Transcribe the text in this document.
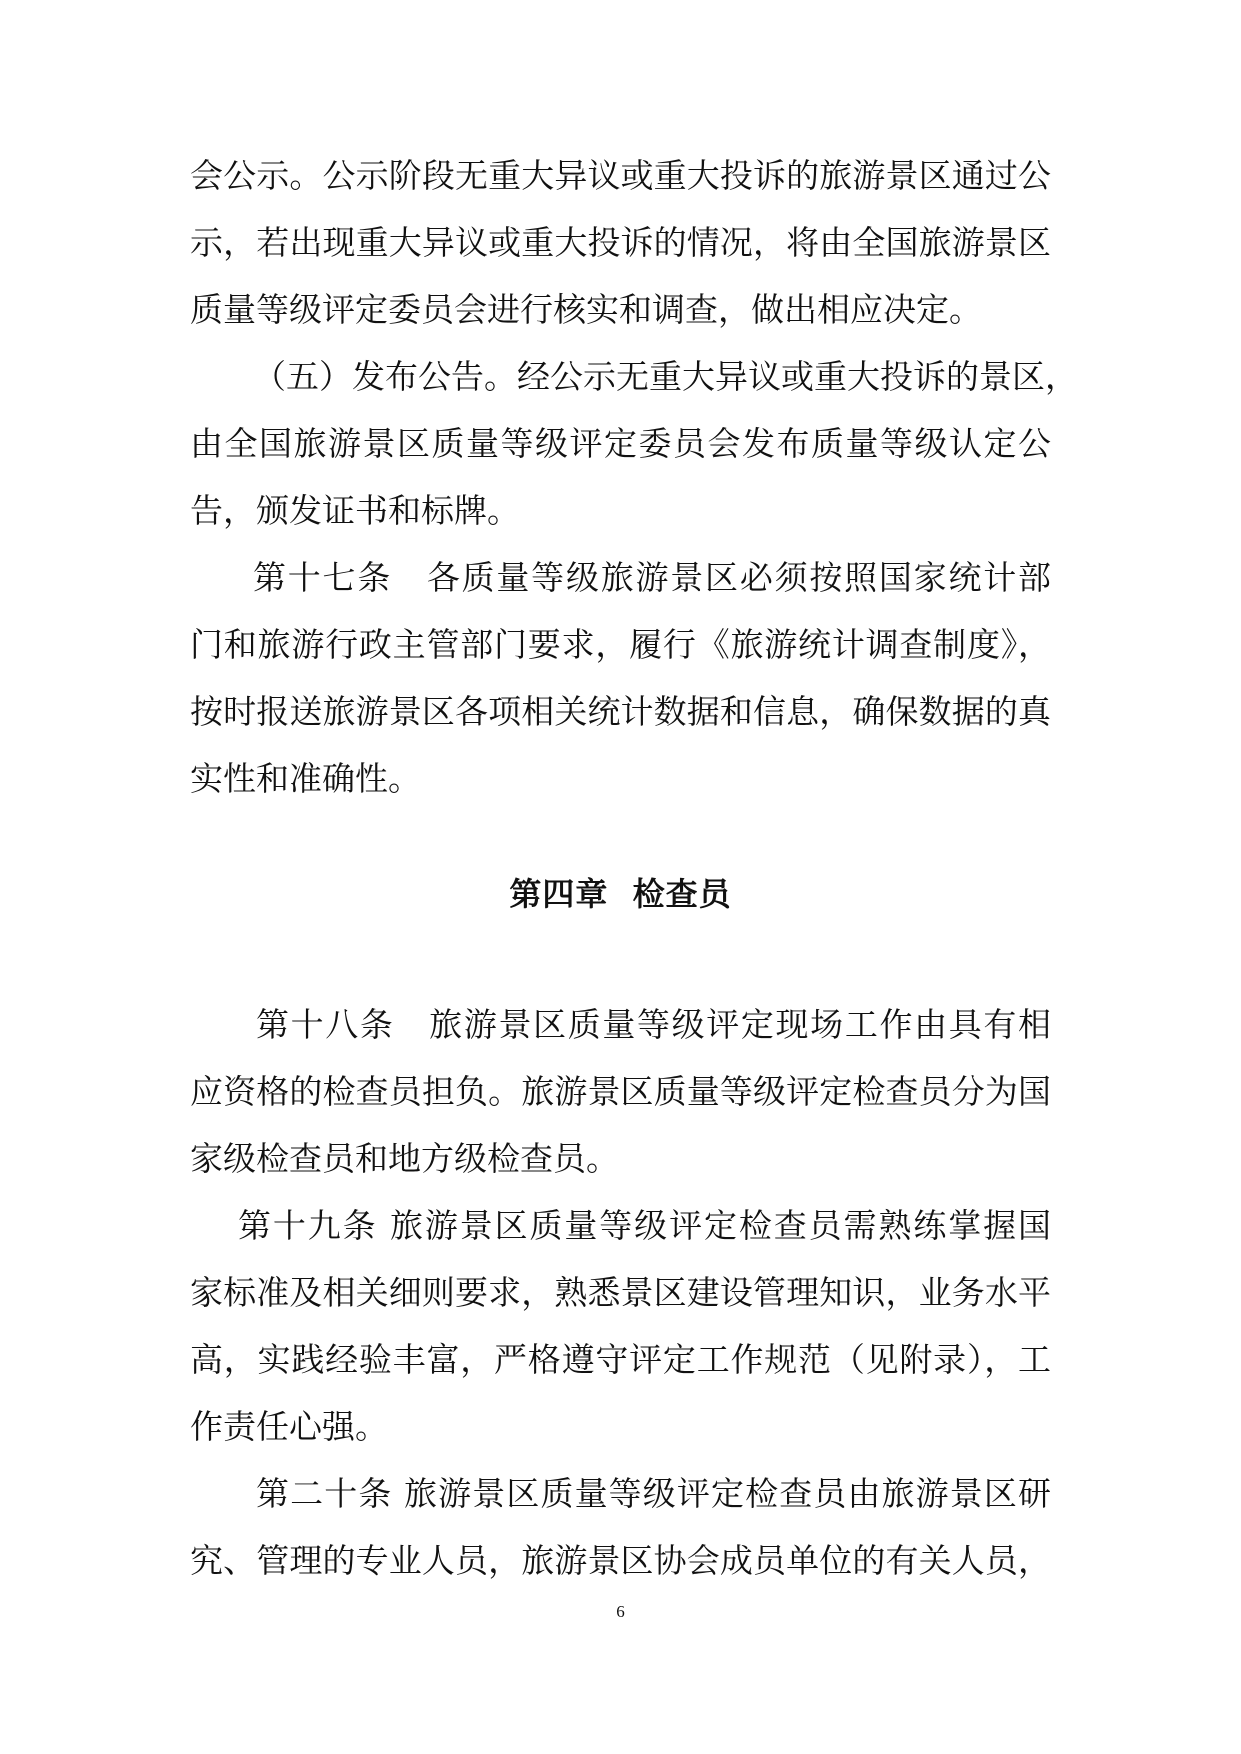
会公示。公示阶段无重大异议或重大投诉的旅游景区通过公
示，若出现重大异议或重大投诉的情况，将由全国旅游景区
质量等级评定委员会进行核实和调查，做出相应决定。
（五）发布公告。经公示无重大异议或重大投诉的景区，
由全国旅游景区质量等级评定委员会发布质量等级认定公
告，颁发证书和标牌。
第十七条　各质量等级旅游景区必须按照国家统计部
门和旅游行政主管部门要求，履行《旅游统计调查制度》，
按时报送旅游景区各项相关统计数据和信息，确保数据的真
实性和准确性。
第四章  检查员
第十八条　旅游景区质量等级评定现场工作由具有相
应资格的检查员担负。旅游景区质量等级评定检查员分为国
家级检查员和地方级检查员。
第十九条 旅游景区质量等级评定检查员需熟练掌握国
家标准及相关细则要求，熟悉景区建设管理知识，业务水平
高，实践经验丰富，严格遵守评定工作规范（见附录），工
作责任心强。
第二十条 旅游景区质量等级评定检查员由旅游景区研
究、管理的专业人员，旅游景区协会成员单位的有关人员，
6
